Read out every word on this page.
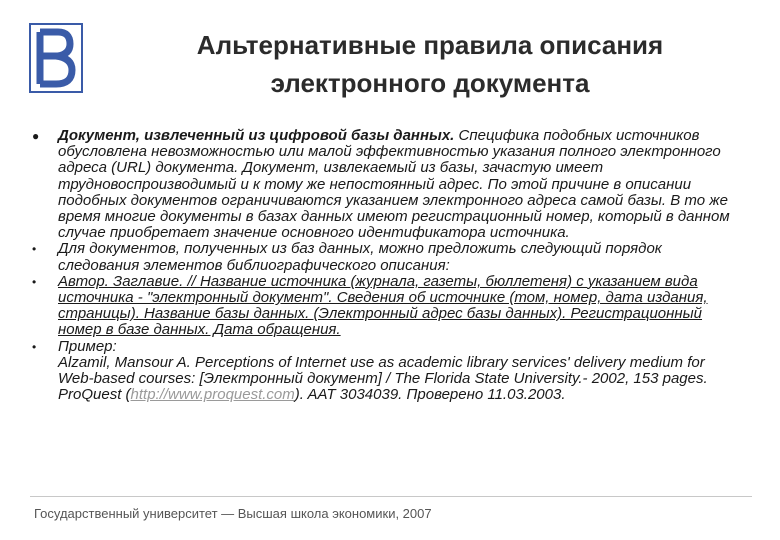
Альтернативные правила описания
электронного документа
● Документ, извлеченный из цифровой базы данных. Специфика подобных источников обусловлена невозможностью или малой эффективностью указания полного электронного адреса (URL) документа. Документ, извлекаемый из базы, зачастую имеет трудновоспроизводимый и к тому же непостоянный адрес. По этой причине в описании подобных документов ограничиваются указанием электронного адреса самой базы. В то же время многие документы в базах данных имеют регистрационный номер, который в данном случае приобретает значение основного идентификатора источника.
• Для документов, полученных из баз данных, можно предложить следующий порядок следования элементов библиографического описания:
• Автор. Заглавие. // Название источника (журнала, газеты, бюллетеня) с указанием вида источника - "электронный документ". Сведения об источнике (том, номер, дата издания, страницы). Название базы данных. (Электронный адрес базы данных). Регистрационный номер в базе данных. Дата обращения.
• Пример:
Alzamil, Mansour A. Perceptions of Internet use as academic library services' delivery medium for Web-based courses: [Электронный документ] / The Florida State University.- 2002, 153 pages. ProQuest (http://www.proquest.com). AAT 3034039. Проверено 11.03.2003.
Государственный университет — Высшая школа экономики, 2007
